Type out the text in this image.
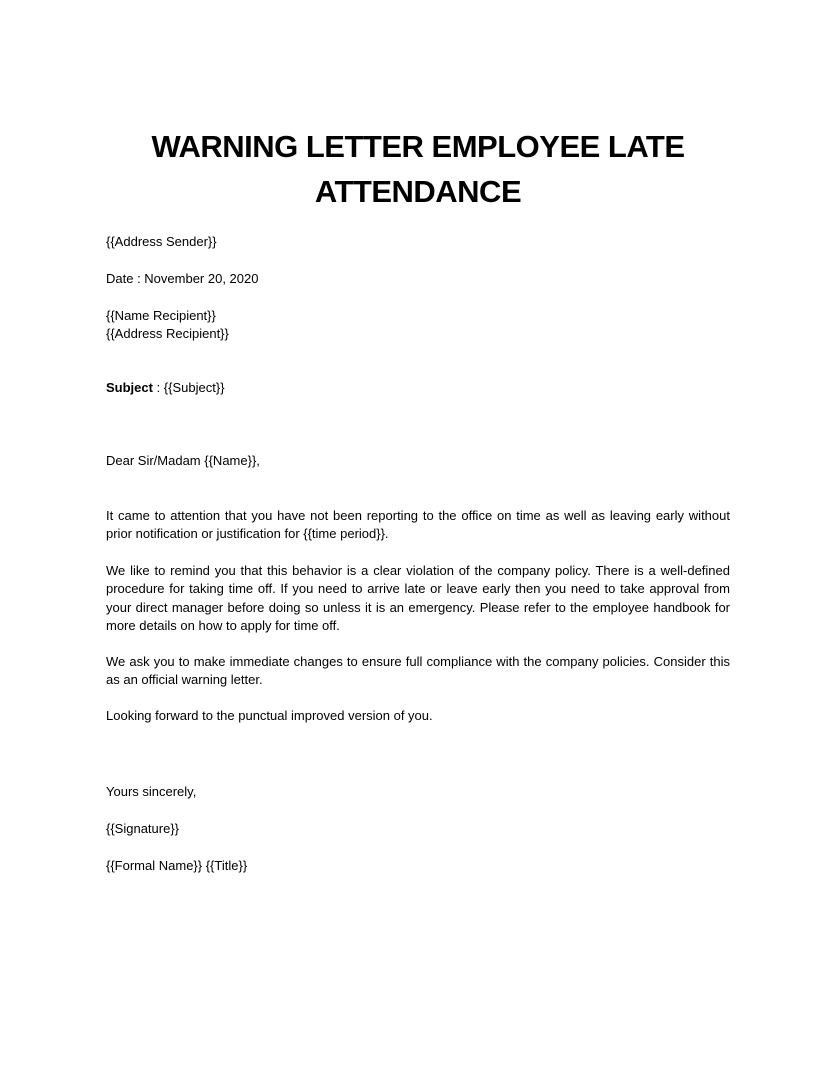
WARNING LETTER EMPLOYEE LATE ATTENDANCE
{{Address Sender}}
Date : November 20, 2020
{{Name Recipient}}
{{Address Recipient}}
Subject : {{Subject}}
Dear Sir/Madam {{Name}},
It came to attention that you have not been reporting to the office on time as well as leaving early without prior notification or justification for {{time period}}.
We like to remind you that this behavior is a clear violation of the company policy. There is a well-defined procedure for taking time off. If you need to arrive late or leave early then you need to take approval from your direct manager before doing so unless it is an emergency. Please refer to the employee handbook for more details on how to apply for time off.
We ask you to make immediate changes to ensure full compliance with the company policies. Consider this as an official warning letter.
Looking forward to the punctual improved version of you.
Yours sincerely,
{{Signature}}
{{Formal Name}} {{Title}}
